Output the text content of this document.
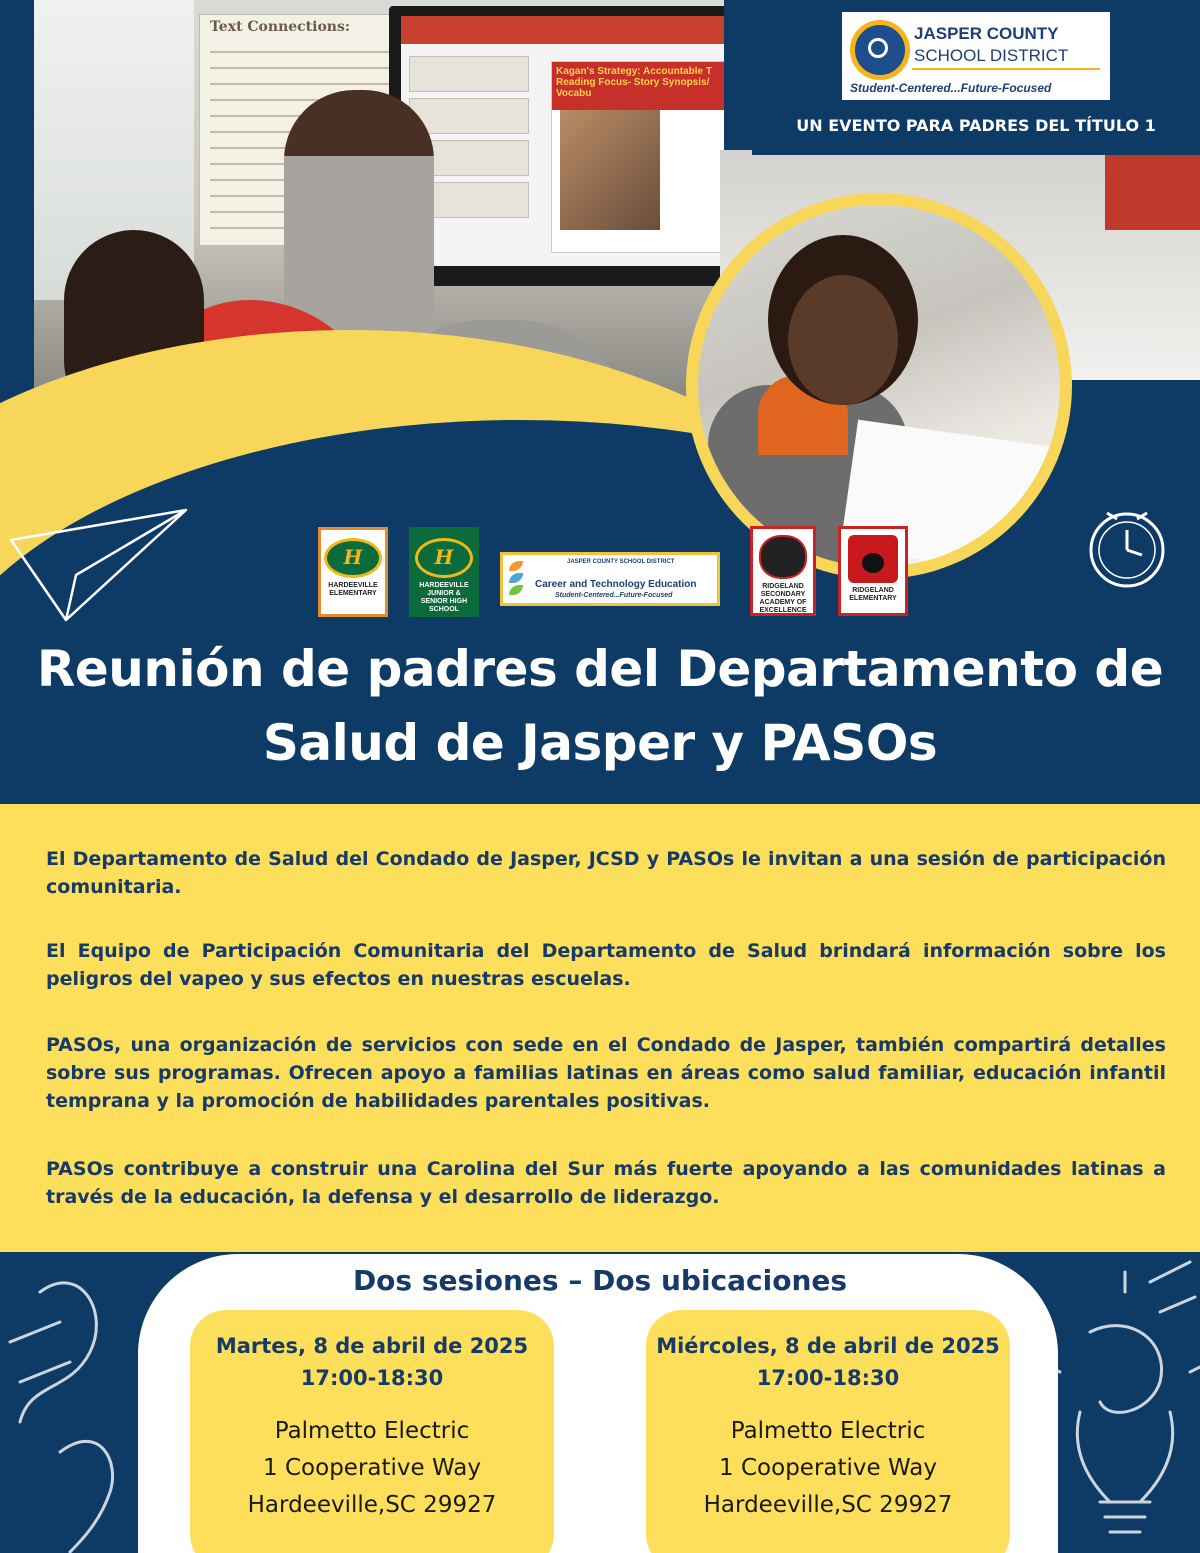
Text Connections:
Kagan's Strategy: Accountable T Reading Focus- Story Synopsis/ Vocabu
JASPER COUNTY
SCHOOL DISTRICT
Student-Centered...Future-Focused
UN EVENTO PARA PADRES DEL TÍTULO 1
H
HARDEEVILLE ELEMENTARY
H
HARDEEVILLE JUNIOR & SENIOR HIGH SCHOOL
JASPER COUNTY SCHOOL DISTRICT
Career and Technology Education
Student-Centered...Future-Focused
RIDGELAND SECONDARY ACADEMY OF EXCELLENCE
RIDGELAND ELEMENTARY
Reunión de padres del Departamento de
Salud de Jasper y PASOs
El Departamento de Salud del Condado de Jasper, JCSD y PASOs le invitan a una sesión de participación comunitaria.
El Equipo de Participación Comunitaria del Departamento de Salud brindará información sobre los peligros del vapeo y sus efectos en nuestras escuelas.
PASOs, una organización de servicios con sede en el Condado de Jasper, también compartirá detalles sobre sus programas. Ofrecen apoyo a familias latinas en áreas como salud familiar, educación infantil temprana y la promoción de habilidades parentales positivas.
PASOs contribuye a construir una Carolina del Sur más fuerte apoyando a las comunidades latinas a través de la educación, la defensa y el desarrollo de liderazgo.
Dos sesiones – Dos ubicaciones
Martes, 8 de abril de 2025
17:00-18:30
Palmetto Electric
1 Cooperative Way
Hardeeville,SC 29927
Miércoles, 8 de abril de 2025
17:00-18:30
Palmetto Electric
1 Cooperative Way
Hardeeville,SC 29927
